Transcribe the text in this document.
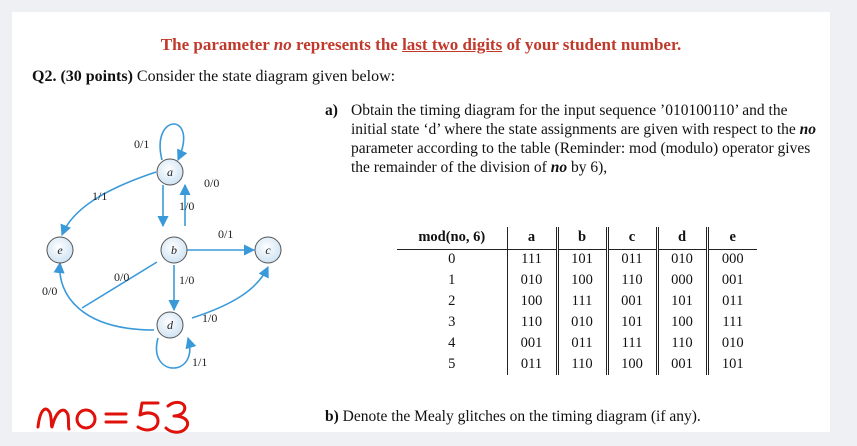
The parameter no represents the last two digits of your student number.
Q2. (30 points) Consider the state diagram given below:
0/1
1/0
0/0
1/1
0/1
0/0	1/0
1/0
0/0
1/1
a
b	c
d
e
a) Obtain the timing diagram for the input sequence ’010100110’ and the initial state ‘d’ where the state assignments are given with respect to the no parameter according to the table (Reminder: mod (modulo) operator gives the remainder of the division of no by 6),
mod(no, 6)	a	b	c	d	e
0	111	101	011	010	000
1	010	100	110	000	001
2	100	111	001	101	011
3	110	010	101	100	111
4	001	011	111	110	010
5	011	110	100	001	101
b) Denote the Mealy glitches on the timing diagram (if any).
no= 53
